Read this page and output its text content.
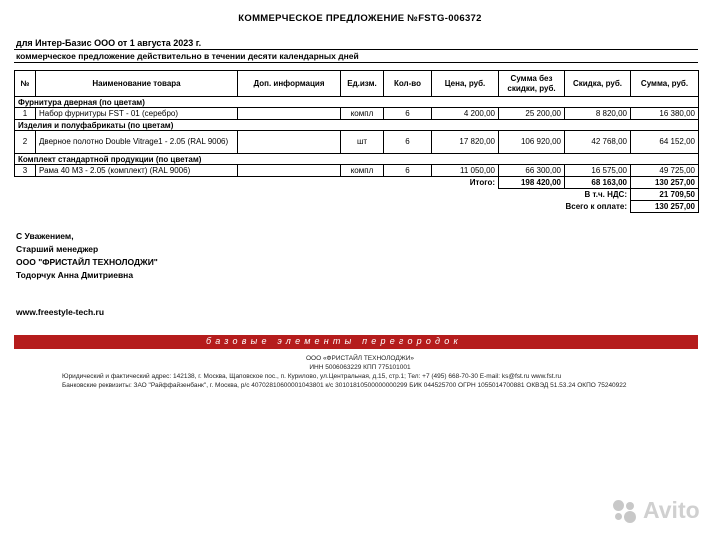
КОММЕРЧЕСКОЕ ПРЕДЛОЖЕНИЕ №FSTG-006372
для Интер-Базис ООО от 1 августа 2023 г.
коммерческое предложение действительно в течении десяти календарных дней
№	Наименование товара	Доп. информация	Ед.изм.	Кол-во	Цена, руб.	Сумма без скидки, руб.	Скидка, руб.	Сумма, руб.
Фурнитура дверная (по цветам)								
1	Набор фурнитуры FST - 01 (серебро)		компл	6	4 200,00	25 200,00	8 820,00	16 380,00
Изделия и полуфабрикаты (по цветам)								
2	Дверное полотно Double Vitrage1 - 2.05 (RAL 9006)		шт	6	17 820,00	106 920,00	42 768,00	64 152,00
Комплект стандартной продукции (по цветам)								
3	Рама 40 М3 - 2.05 (комплект) (RAL 9006)		компл	6	11 050,00	66 300,00	16 575,00	49 725,00
Итого:						198 420,00	68 163,00	130 257,00
В т.ч. НДС:								21 709,50
Всего к оплате:								130 257,00
С Уважением,
Старший менеджер
ООО "ФРИСТАЙЛ ТЕХНОЛОДЖИ"
Тодорчук Анна Дмитриевна
www.freestyle-tech.ru
базовые элементы перегородок
ООО «ФРИСТАЙЛ ТЕХНОЛОДЖИ»
ИНН 5006063229 КПП 775101001
Юридический и фактический адрес: 142138, г. Москва, Щаповское пос., п. Курилово, ул.Центральная, д.15, стр.1; Тел: +7 (495) 668-70-30 E-mail: ks@fst.ru www.fst.ru
Банковские реквизиты: ЗАО "Райффайзенбанк", г. Москва, р/с 40702810600001043801 к/с 30101810500000000299 БИК 044525700 ОГРН 1055014700881 ОКВЭД 51.53.24 ОКПО 75240922
Avito
